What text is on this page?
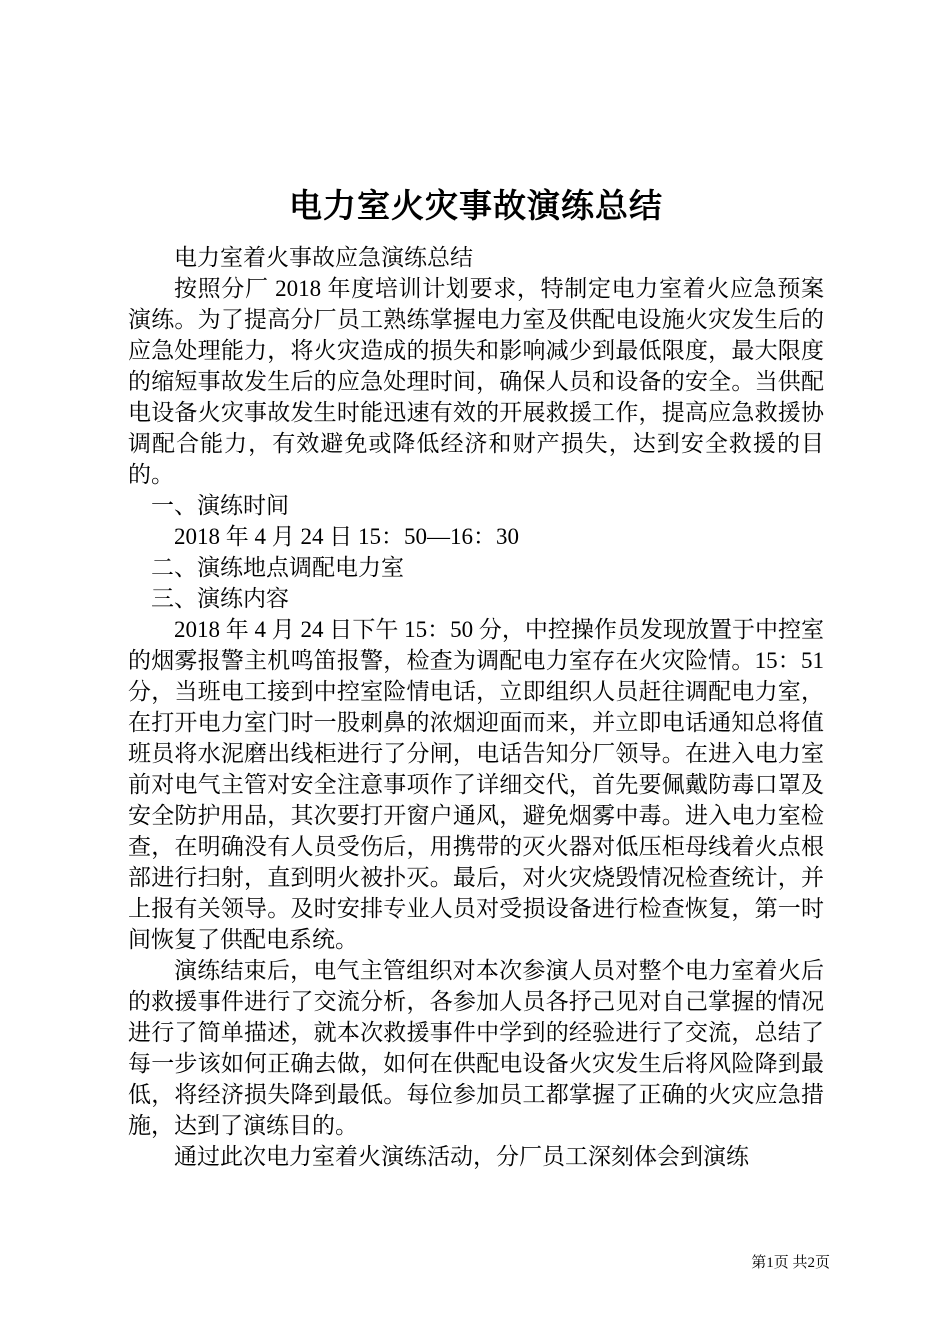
电力室火灾事故演练总结

电力室着火事故应急演练总结

按照分厂 2018 年度培训计划要求，特制定电力室着火应急预案演练。为了提高分厂员工熟练掌握电力室及供配电设施火灾发生后的应急处理能力，将火灾造成的损失和影响减少到最低限度，最大限度的缩短事故发生后的应急处理时间，确保人员和设备的安全。当供配电设备火灾事故发生时能迅速有效的开展救援工作，提高应急救援协调配合能力，有效避免或降低经济和财产损失，达到安全救援的目的。

一、演练时间

2018 年 4 月 24 日 15：50—16：30

二、演练地点调配电力室

三、演练内容

2018 年 4 月 24 日下午 15：50 分，中控操作员发现放置于中控室的烟雾报警主机鸣笛报警，检查为调配电力室存在火灾险情。15：51 分，当班电工接到中控室险情电话，立即组织人员赶往调配电力室，在打开电力室门时一股刺鼻的浓烟迎面而来，并立即电话通知总将值班员将水泥磨出线柜进行了分闸，电话告知分厂领导。在进入电力室前对电气主管对安全注意事项作了详细交代，首先要佩戴防毒口罩及安全防护用品，其次要打开窗户通风，避免烟雾中毒。进入电力室检查，在明确没有人员受伤后，用携带的灭火器对低压柜母线着火点根部进行扫射，直到明火被扑灭。最后，对火灾烧毁情况检查统计，并上报有关领导。及时安排专业人员对受损设备进行检查恢复，第一时间恢复了供配电系统。

演练结束后，电气主管组织对本次参演人员对整个电力室着火后的救援事件进行了交流分析，各参加人员各抒己见对自己掌握的情况进行了简单描述，就本次救援事件中学到的经验进行了交流，总结了每一步该如何正确去做，如何在供配电设备火灾发生后将风险降到最低，将经济损失降到最低。每位参加员工都掌握了正确的火灾应急措施，达到了演练目的。

通过此次电力室着火演练活动，分厂员工深刻体会到演练

第1页 共2页
